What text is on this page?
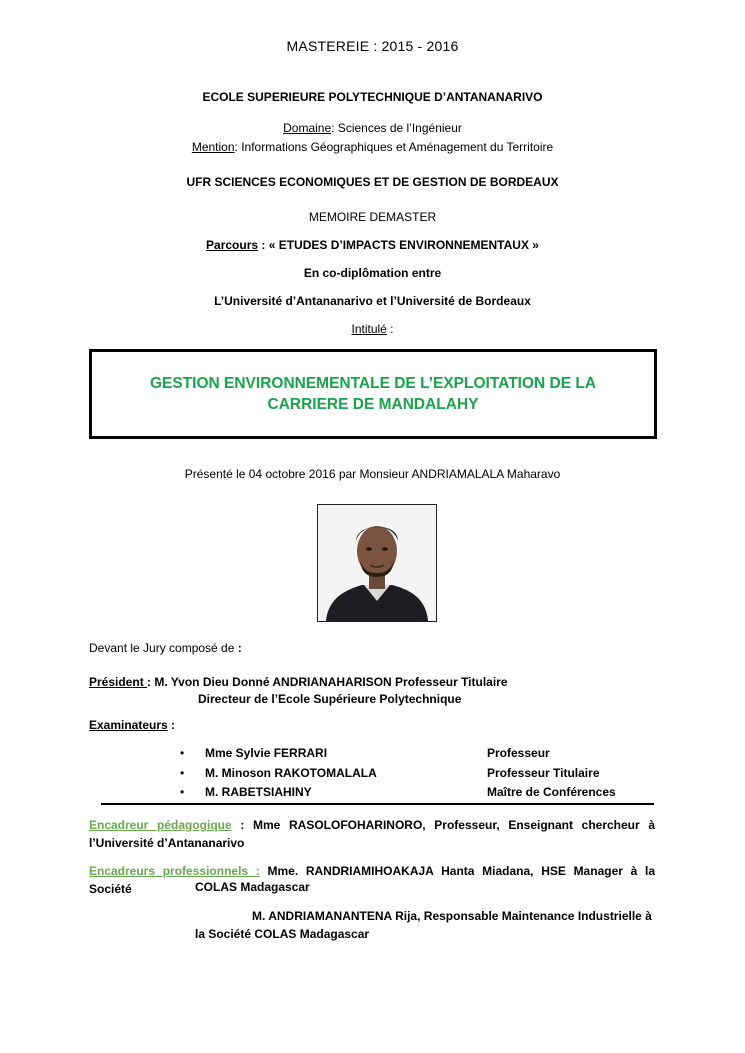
MASTEREIE : 2015 - 2016
ECOLE SUPERIEURE POLYTECHNIQUE D’ANTANANARIVO
Domaine: Sciences de l’Ingénieur
Mention: Informations Géographiques et Aménagement du Territoire
UFR SCIENCES ECONOMIQUES ET DE GESTION DE BORDEAUX
MEMOIRE DEMASTER
Parcours : « ETUDES D’IMPACTS ENVIRONNEMENTAUX »
En co-diplômation entre
L’Université d’Antananarivo et l’Université de Bordeaux
Intitulé :
GESTION ENVIRONNEMENTALE DE L’EXPLOITATION DE LA CARRIERE DE MANDALAHY
Présenté le 04 octobre 2016 par Monsieur ANDRIAMALALA Maharavo
Devant le Jury composé de :
Président : M. Yvon Dieu Donné ANDRIANAHARISON Professeur Titulaire
Directeur de l’Ecole Supérieure Polytechnique
Examinateurs :
• Mme Sylvie FERRARI	Professeur
• M. Minoson RAKOTOMALALA	Professeur Titulaire
• M. RABETSIAHINY	Maître de Conférences
Encadreur pédagogique : Mme RASOLOFOHARINORO, Professeur, Enseignant chercheur à l’Université d’Antananarivo
Encadreurs professionnels : Mme. RANDRIAMIHOAKAJA Hanta Miadana, HSE Manager à la Société	COLAS Madagascar
M. ANDRIAMANANTENA Rija, Responsable Maintenance Industrielle à
la Société COLAS Madagascar
